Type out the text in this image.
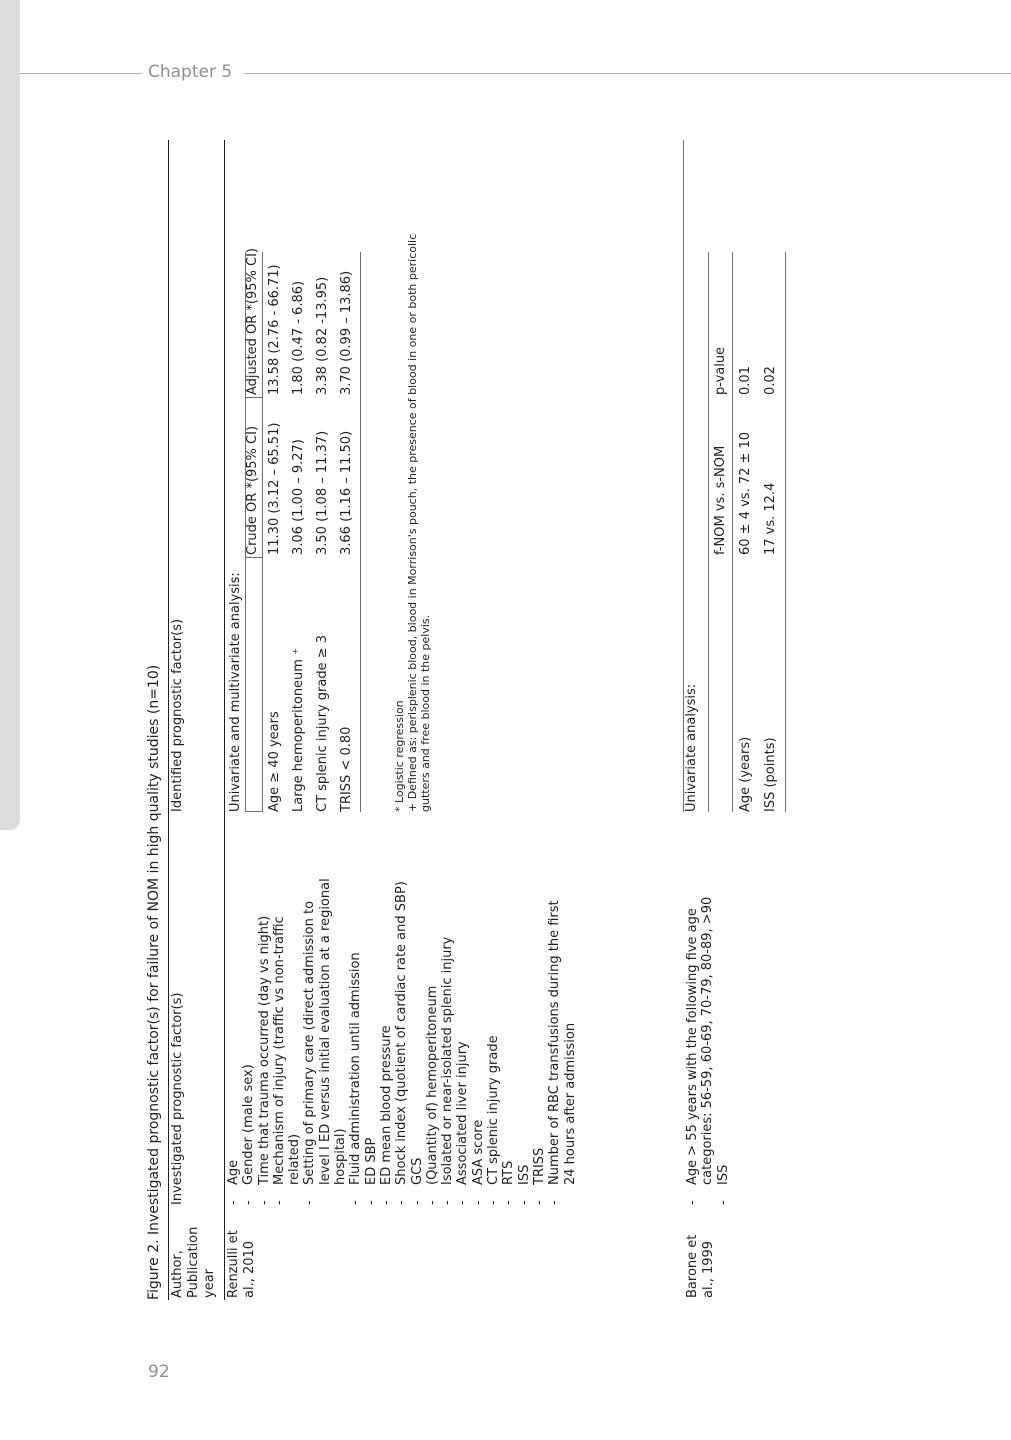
Chapter 5
92
Figure 2. Investigated prognostic factor(s) for failure of NOM in high quality studies (n=10) Author, Publication year
Investigated prognostic factor(s)
Identified prognostic factor(s)
Renzulli et al., 2010
- Age - Gender (male sex) - Time that trauma occurred (day vs night) - Mechanism of injury (traffic vs non-traffic related) - Setting of primary care (direct admission to level I ED versus initial evaluation at a regional hospital) - Fluid administration until admission - ED SBP - ED mean blood pressure - Shock index (quotient of cardiac rate and SBP) - GCS - (Quantity of) hemoperitoneum - Isolated or near-isolated splenic injury - Associated liver injury - ASA score - CT splenic injury grade - RTS - ISS - TRISS - Number of RBC transfusions during the first 24 hours after admission
Univariate and multivariate analysis:
Crude OR *(95% CI)
Adjusted OR *(95% CI)
Age ≥ 40 years
11.30 (3.12 – 65.51)
13.58 (2.76 - 66.71)
Large hemoperitoneum ⁺
3.06 (1.00 – 9.27)
1.80 (0.47 - 6.86)
CT splenic injury grade ≥ 3
3.50 (1.08 – 11.37)
3.38 (0.82 -13.95)
TRISS < 0.80
3.66 (1.16 – 11.50)
3.70 (0.99 – 13.86)
* Logistic regression + Defined as: perisplenic blood, blood in Morrison's pouch, the presence of blood in one or both pericolic gutters and free blood in the pelvis.
Barone et al., 1999
- Age > 55 years with the following five age categories: 56-59, 60-69, 70-79, 80-89, >90 - ISS
Univariate analysis:
f-NOM vs. s-NOM
p-value
Age (years)
60 ± 4 vs. 72 ± 10
0.01
ISS (points)
17 vs. 12.4
0.02
